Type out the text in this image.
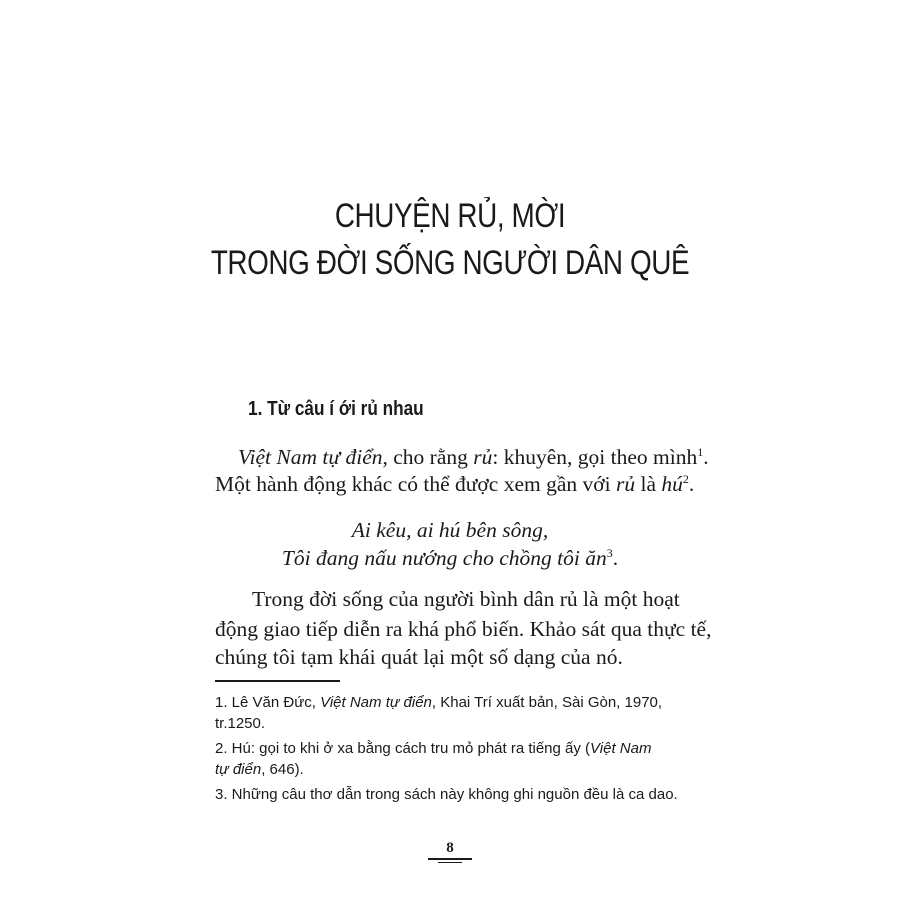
CHUYỆN RỦ, MỜI
TRONG ĐỜI SỐNG NGƯỜI DÂN QUÊ
1. Từ câu í ới rủ nhau
Việt Nam tự điển, cho rằng rủ: khuyên, gọi theo mình$^1$.
Một hành động khác có thể được xem gần với rủ là $hú^2$.
Ai kêu, ai hú bên sông,
Tôi đang nấu nướng cho chồng tôi $ăn^3$.
Trong đời sống của người bình dân rủ là một hoạt
động giao tiếp diễn ra khá phổ biến. Khảo sát qua thực tế,
chúng tôi tạm khái quát lại một số dạng của nó.
1. Lê Văn Đức, Việt Nam tự điển, Khai Trí xuất bản, Sài Gòn, 1970,
tr.1250.
2. Hú: gọi to khi ở xa bằng cách tru mỏ phát ra tiếng ấy (Việt Nam
tự điển, 646).
3. Những câu thơ dẫn trong sách này không ghi nguồn đều là ca dao.
8
